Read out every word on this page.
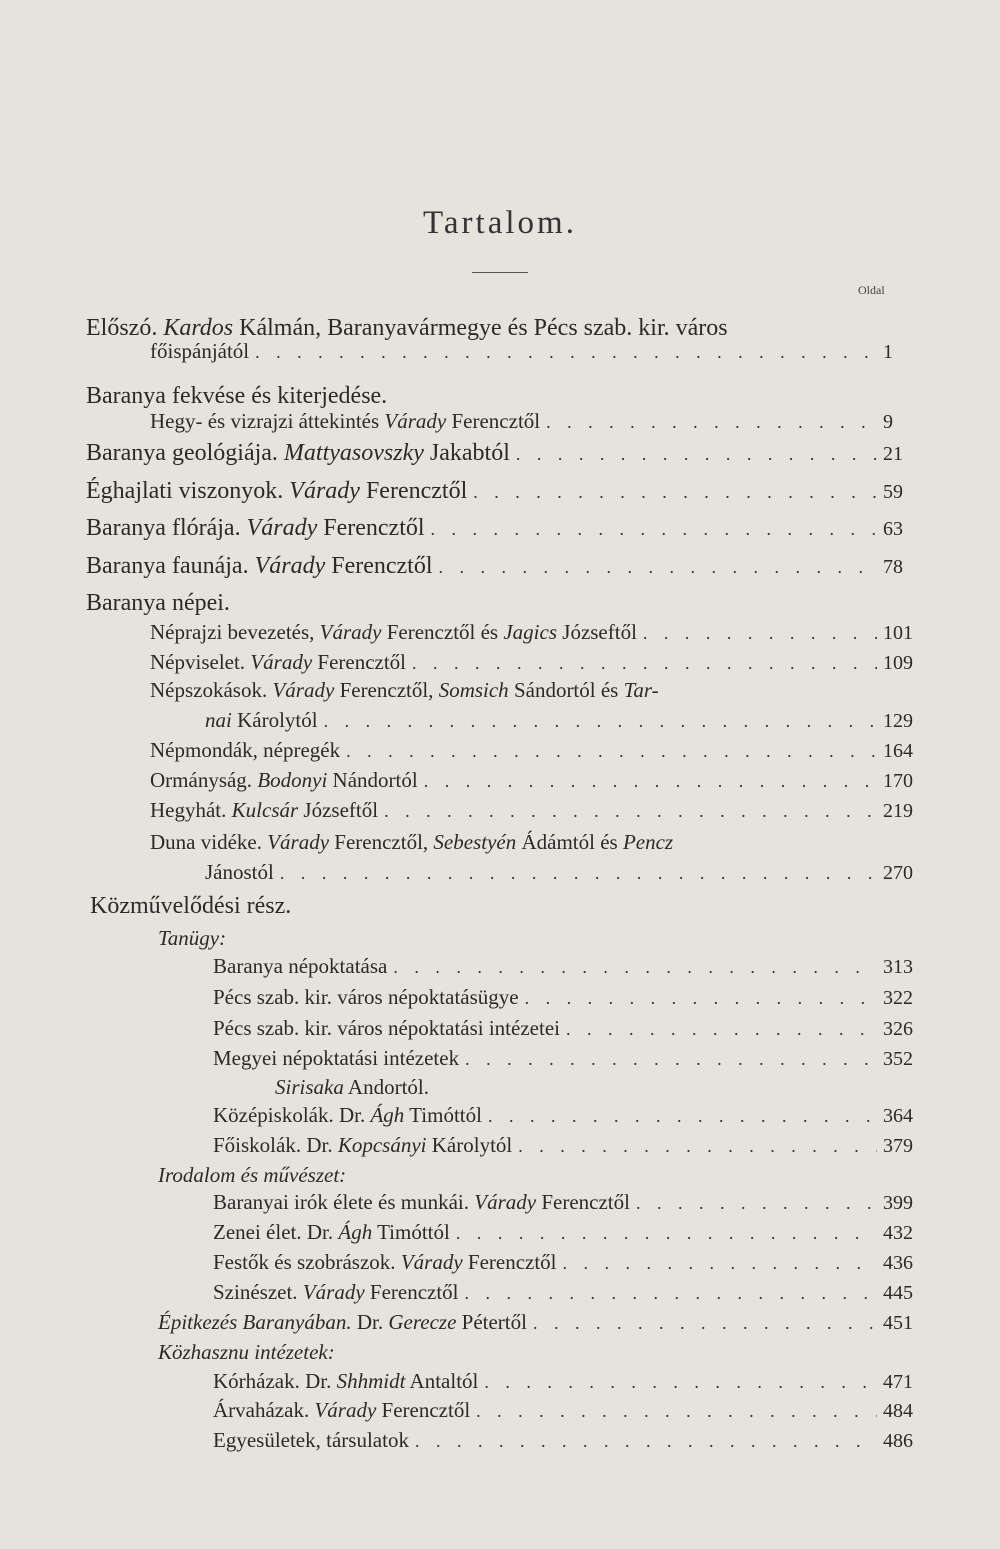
Tartalom.
Oldal
Előszó. Kardos Kálmán, Baranyavármegye és Pécs szab. kir. város
főispánjától . . .	1
Baranya fekvése és kiterjedése.
Hegy- és vizrajzi áttekintés Várady Ferencztől . . .	9
Baranya geológiája. Mattyasovszky Jakabtól . . .	21
Éghajlati viszonyok. Várady Ferencztől . . .	59
Baranya flórája. Várady Ferencztől . . .	63
Baranya faunája. Várady Ferencztől . . .	78
Baranya népei.
Néprajzi bevezetés, Várady Ferencztől és Jagics Józseftől . . .	101
Népviselet. Várady Ferencztől . . .	109
Népszokások. Várady Ferencztől, Somsich Sándortól és Tar-
nai Károlytól . . .	129
Népmondák, népregék . . .	164
Ormányság. Bodonyi Nándortól . . .	170
Hegyhát. Kulcsár Józseftől . . .	219
Duna vidéke. Várady Ferencztől, Sebestyén Ádámtól és Pencz
Jánostól . . .	270
Közművelődési rész.
Tanügy:
Baranya népoktatása . . .	313
Pécs szab. kir. város népoktatásügye . . .	322
Pécs szab. kir. város népoktatási intézetei . . .	326
Megyei népoktatási intézetek . . .	352
Sirisaka Andortól.
Középiskolák. Dr. Ágh Timóttól . . .	364
Főiskolák. Dr. Kopcsányi Károlytól . . .	379
Irodalom és művészet:
Baranyai irók élete és munkái. Várady Ferencztől . . .	399
Zenei élet. Dr. Ágh Timóttól . . .	432
Festők és szobrászok. Várady Ferencztől . . .	436
Szinészet. Várady Ferencztől . . .	445
Épitkezés Baranyában. Dr. Gerecze Pétertől . . .	451
Közhasznu intézetek:
Kórházak. Dr. Shhmidt Antaltól . . .	471
Árvaházak. Várady Ferencztől . . .	484
Egyesületek, társulatok . . .	486
